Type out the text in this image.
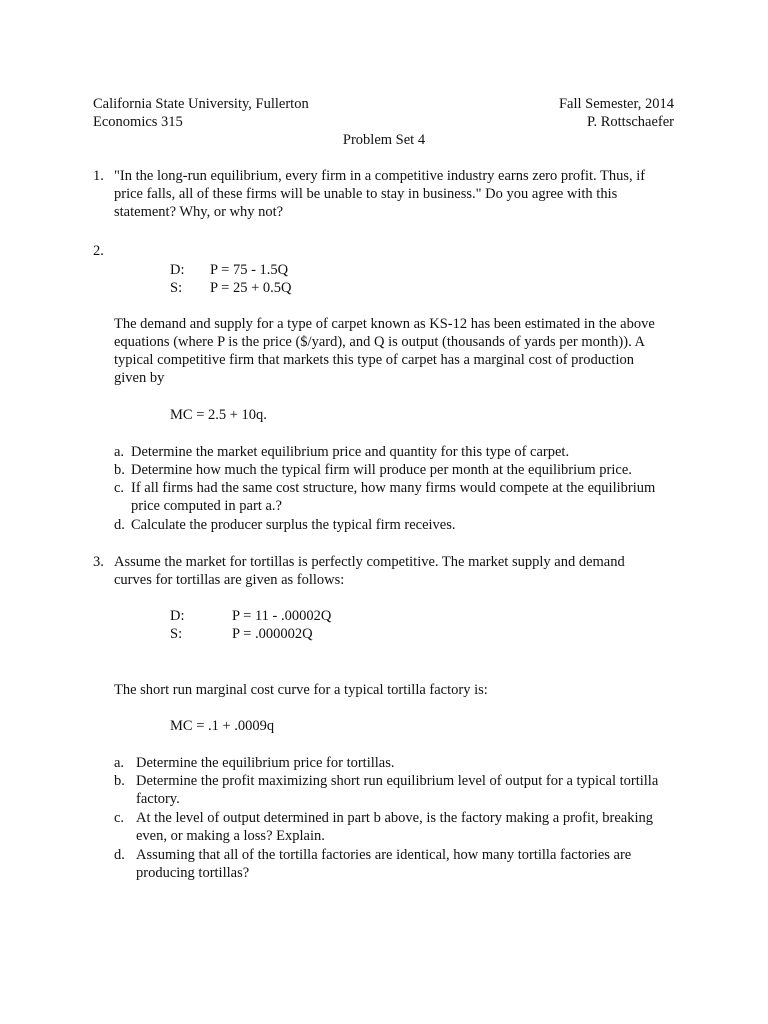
California State University, Fullerton
Economics 315
Fall Semester, 2014
P. Rottschaefer
Problem Set 4
1. "In the long-run equilibrium, every firm in a competitive industry earns zero profit. Thus, if
price falls, all of these firms will be unable to stay in business." Do you agree with this
statement? Why, or why not?
2.
D: P = 75 - 1.5Q
S: P = 25 + 0.5Q
The demand and supply for a type of carpet known as KS-12 has been estimated in the above
equations (where P is the price ($/yard), and Q is output (thousands of yards per month)). A
typical competitive firm that markets this type of carpet has a marginal cost of production
given by
MC = 2.5 + 10q.
a. Determine the market equilibrium price and quantity for this type of carpet.
b. Determine how much the typical firm will produce per month at the equilibrium price.
c. If all firms had the same cost structure, how many firms would compete at the equilibrium
price computed in part a.?
d. Calculate the producer surplus the typical firm receives.
3. Assume the market for tortillas is perfectly competitive. The market supply and demand
curves for tortillas are given as follows:
D:	P = 11 - .00002Q
S:	P = .000002Q
The short run marginal cost curve for a typical tortilla factory is:
MC = .1 + .0009q
a. Determine the equilibrium price for tortillas.
b. Determine the profit maximizing short run equilibrium level of output for a typical tortilla
factory.
c. At the level of output determined in part b above, is the factory making a profit, breaking
even, or making a loss? Explain.
d. Assuming that all of the tortilla factories are identical, how many tortilla factories are
producing tortillas?
